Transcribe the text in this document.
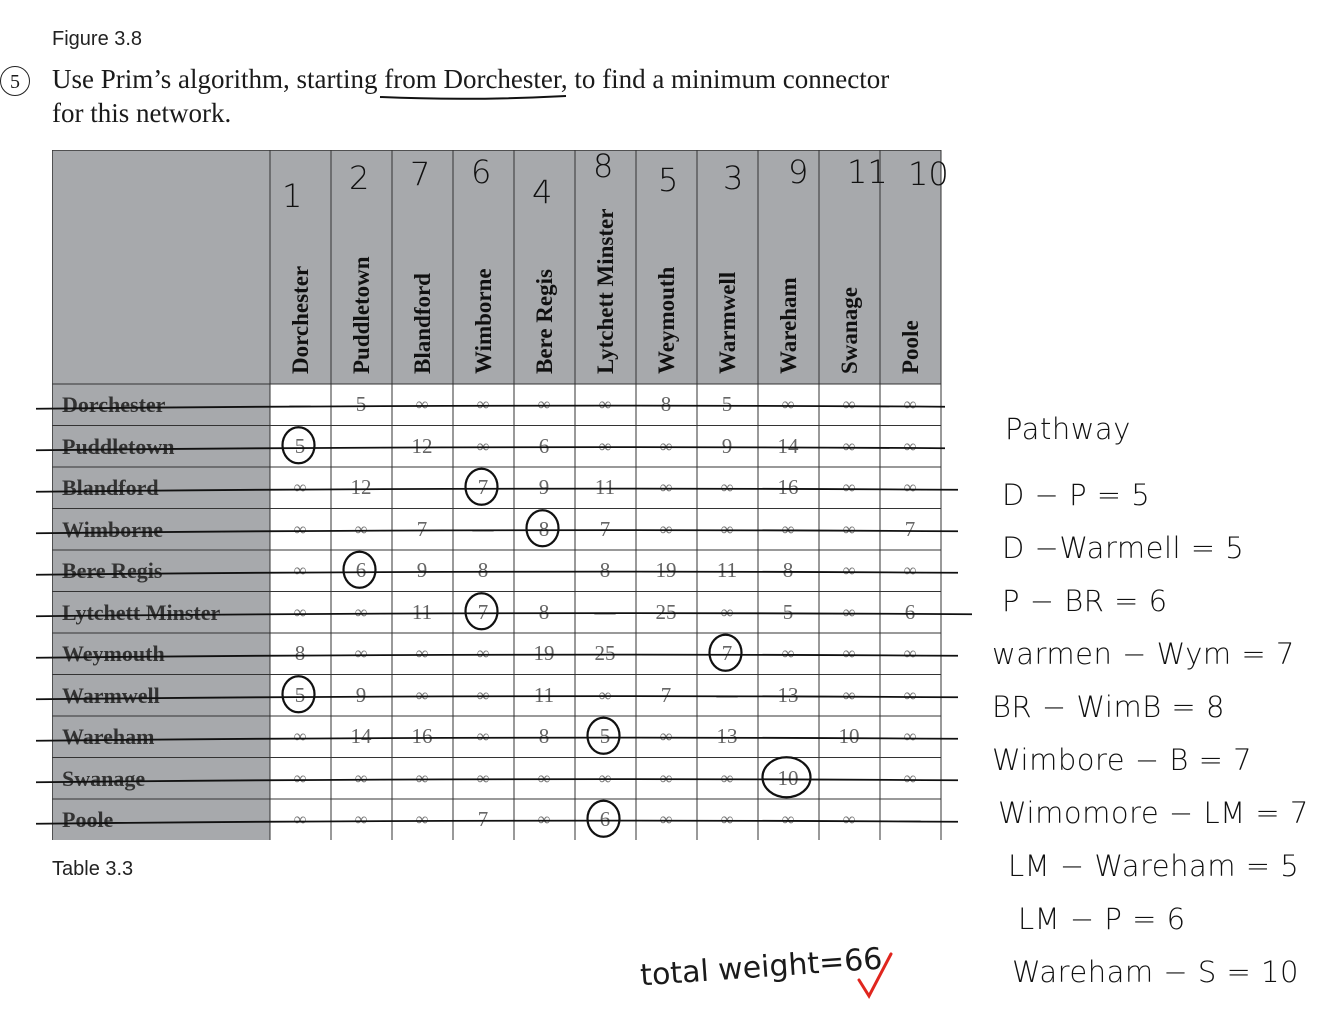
Figure 3.8
5	Use Prim’s algorithm, starting from Dorchester, to find a minimum connector
for this network.
Dorchester	Puddletown	Blandford	Wimborne	Bere Regis	Lytchett Minster	Weymouth	Warmwell	Wareham	Swanage	Poole
Dorchester	—	5	∞	∞	∞	∞	8	5	∞	∞	∞
Puddletown	5	—	12	∞	6	∞	∞	9	14	∞	∞
Blandford	∞	12	—	7	9	11	∞	∞	16	∞	∞
Wimborne	∞	∞	7	—	8	7	∞	∞	∞	∞	7
Bere Regis	∞	6	9	8	—	8	19	11	8	∞	∞
Lytchett Minster	∞	∞	11	7	8	—	25	∞	5	∞	6
Weymouth	8	∞	∞	∞	19	25	—	7	∞	∞	∞
Warmwell	5	9	∞	∞	11	∞	7	—	13	∞	∞
Wareham	∞	14	16	∞	8	5	∞	13	—	10	∞
Swanage	∞	∞	∞	∞	∞	∞	∞	∞	10	—	∞
Poole	∞	∞	∞	7	∞	6	∞	∞	∞	∞	—
Table 3.3
Pathway
D − P = 5
D −Warmell = 5
P − BR = 6
warmen − Wym = 7
BR − WimB = 8
Wimbore − B = 7
Wimomore − LM = 7
LM − Wareham = 5
LM − P = 6
Wareham − S = 10
total weight=66
1 2 7 6
4
8 5 3 9 11 10
